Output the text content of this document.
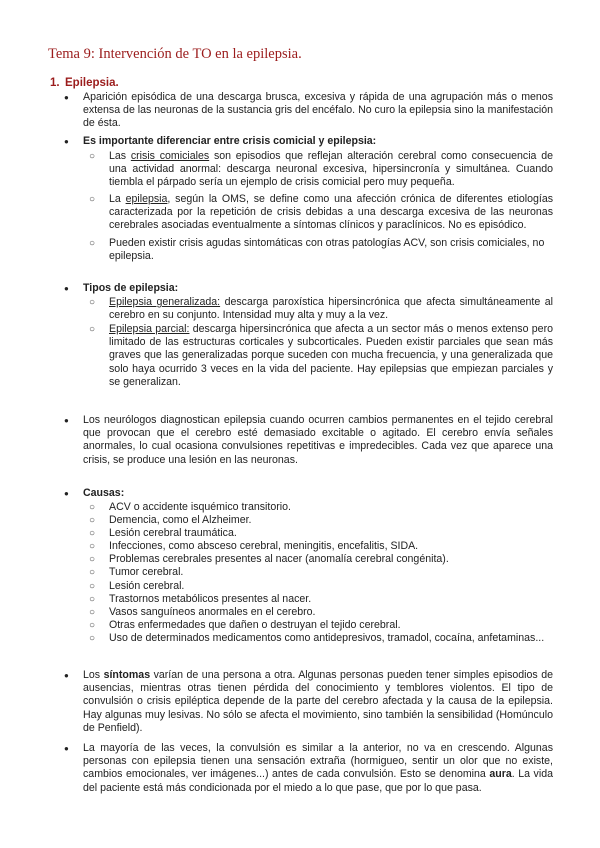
Tema 9: Intervención de TO en la epilepsia.
1. Epilepsia.
● Aparición episódica de una descarga brusca, excesiva y rápida de una agrupación más o menos extensa de las neuronas de la sustancia gris del encéfalo. No curo la epilepsia sino la manifestación de ésta.

● Es importante diferenciar entre crisis comicial y epilepsia:

○ Las crisis comiciales son episodios que reflejan alteración cerebral como consecuencia de una actividad anormal: descarga neuronal excesiva, hipersincronía y simultánea. Cuando tiembla el párpado sería un ejemplo de crisis comicial pero muy pequeña.

○ La epilepsia, según la OMS, se define como una afección crónica de diferentes etiologías caracterizada por la repetición de crisis debidas a una descarga excesiva de las neuronas cerebrales asociadas eventualmente a síntomas clínicos y paraclínicos. No es episódico.

○ Pueden existir crisis agudas sintomáticas con otras patologías ACV, son crisis comiciales, no epilepsia.

● Tipos de epilepsia:

○ Epilepsia generalizada: descarga paroxística hipersincrónica que afecta simultáneamente al cerebro en su conjunto. Intensidad muy alta y muy a la vez.

○ Epilepsia parcial: descarga hipersincrónica que afecta a un sector más o menos extenso pero limitado de las estructuras corticales y subcorticales. Pueden existir parciales que sean más graves que las generalizadas porque suceden con mucha frecuencia, y una generalizada que solo haya ocurrido 3 veces en la vida del paciente. Hay epilepsias que empiezan parciales y se generalizan.

● Los neurólogos diagnostican epilepsia cuando ocurren cambios permanentes en el tejido cerebral que provocan que el cerebro esté demasiado excitable o agitado. El cerebro envía señales anormales, lo cual ocasiona convulsiones repetitivas e impredecibles. Cada vez que aparece una crisis, se produce una lesión en las neuronas.

● Causas:

○ ACV o accidente isquémico transitorio.
○ Demencia, como el Alzheimer.
○ Lesión cerebral traumática.
○ Infecciones, como absceso cerebral, meningitis, encefalitis, SIDA.
○ Problemas cerebrales presentes al nacer (anomalía cerebral congénita).
○ Tumor cerebral.
○ Lesión cerebral.
○ Trastornos metabólicos presentes al nacer.
○ Vasos sanguíneos anormales en el cerebro.
○ Otras enfermedades que dañen o destruyan el tejido cerebral.
○ Uso de determinados medicamentos como antidepresivos, tramadol, cocaína, anfetaminas...
● Los síntomas varían de una persona a otra. Algunas personas pueden tener simples episodios de ausencias, mientras otras tienen pérdida del conocimiento y temblores violentos. El tipo de convulsión o crisis epiléptica depende de la parte del cerebro afectada y la causa de la epilepsia. Hay algunas muy lesivas. No sólo se afecta el movimiento, sino también la sensibilidad (Homúnculo de Penfield).

● La mayoría de las veces, la convulsión es similar a la anterior, no va en crescendo. Algunas personas con epilepsia tienen una sensación extraña (hormigueo, sentir un olor que no existe, cambios emocionales, ver imágenes...) antes de cada convulsión. Esto se denomina aura. La vida del paciente está más condicionada por el miedo a lo que pase, que por lo que pasa.
